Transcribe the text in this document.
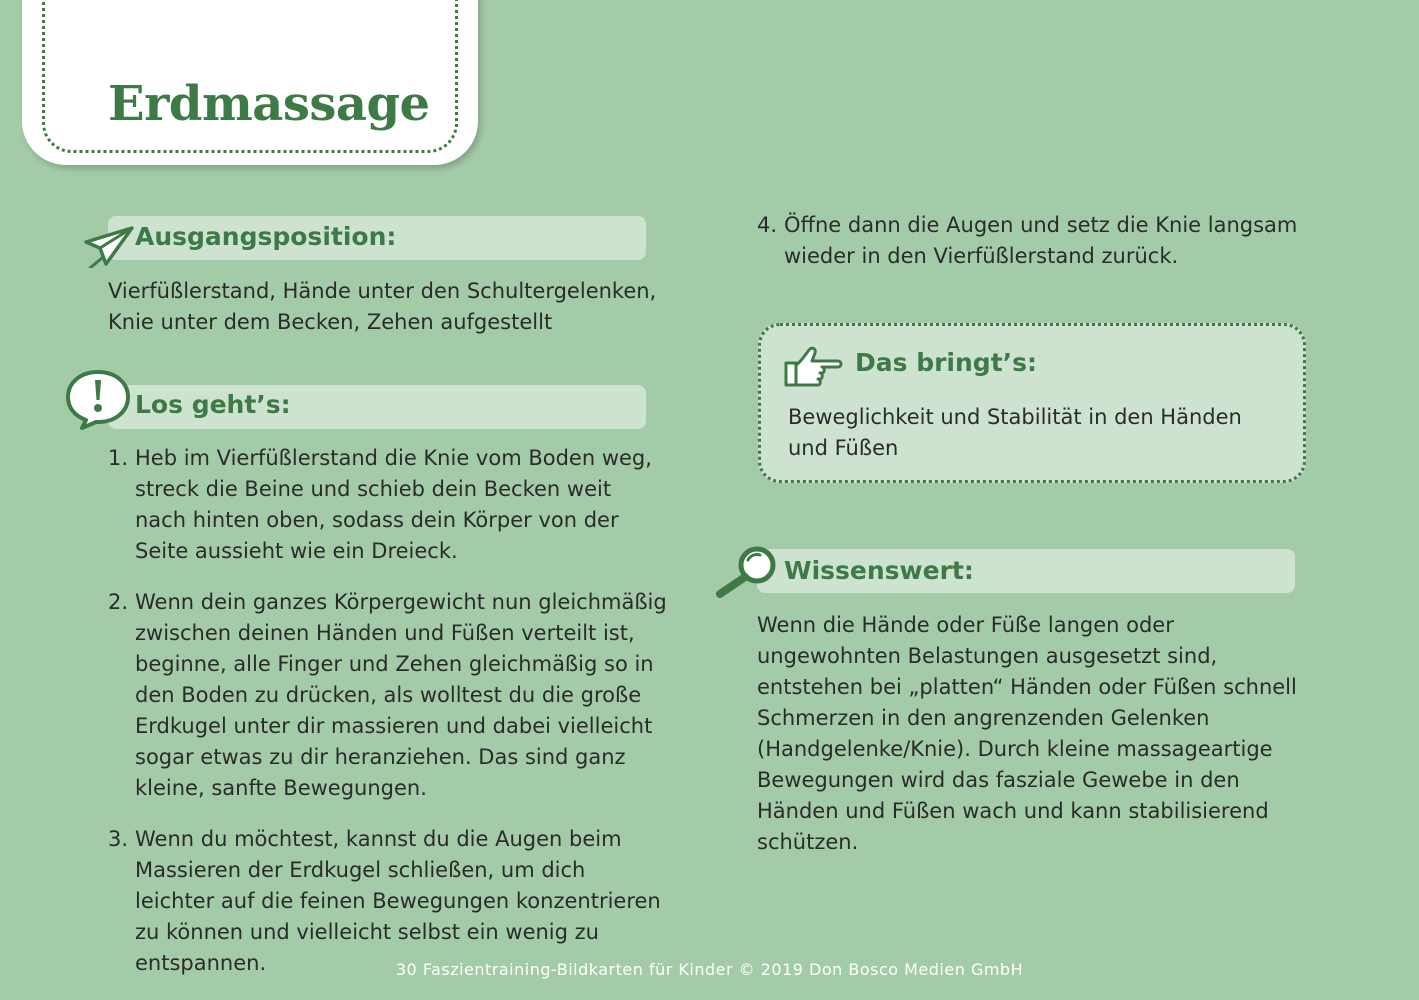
Erdmassage
Ausgangsposition:

Vierfüßlerstand, Hände unter den Schultergelenken, Knie unter dem Becken, Zehen aufgestellt

Los geht’s:
1. Heb im Vierfüßlerstand die Knie vom Boden weg, streck die Beine und schieb dein Becken weit nach hinten oben, sodass dein Körper von der Seite aussieht wie ein Dreieck.
2. Wenn dein ganzes Körpergewicht nun gleichmäßig zwischen deinen Händen und Füßen verteilt ist, beginne, alle Finger und Zehen gleichmäßig so in den Boden zu drücken, als wolltest du die große Erdkugel unter dir massieren und dabei vielleicht sogar etwas zu dir heranziehen. Das sind ganz kleine, sanfte Bewegungen.
3. Wenn du möchtest, kannst du die Augen beim Massieren der Erdkugel schließen, um dich leichter auf die feinen Bewegungen konzentrieren zu können und vielleicht selbst ein wenig zu entspannen.
4. Öffne dann die Augen und setz die Knie langsam wieder in den Vierfüßlerstand zurück.
Das bringt’s:

Beweglichkeit und Stabilität in den Händen und Füßen

Wissenswert:

Wenn die Hände oder Füße langen oder ungewohnten Belastungen ausgesetzt sind, entstehen bei „platten“ Händen oder Füßen schnell Schmerzen in den angrenzenden Gelenken (Handgelenke/Knie). Durch kleine massageartige Bewegungen wird das fasziale Gewebe in den Händen und Füßen wach und kann stabilisierend schützen.

30 Faszientraining-Bildkarten für Kinder © 2019 Don Bosco Medien GmbH
